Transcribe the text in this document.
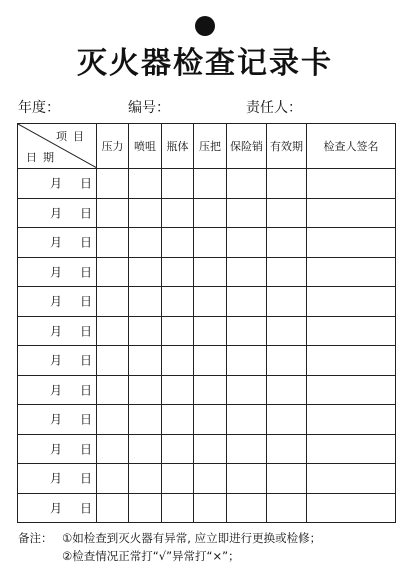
灭火器检查记录卡
年度：	编号：	责任人：
项目
日期	压力	喷咀	瓶体	压把	保险销	有效期	检查人签名

月 日							

月 日							

月 日							

月 日							

月 日							

月 日							

月 日							

月 日							

月 日							

月 日							

月 日							

月 日							

备注： ①如检查到灭火器有异常, 应立即进行更换或检修；
②检查情况正常打“√”异常打“×”；
